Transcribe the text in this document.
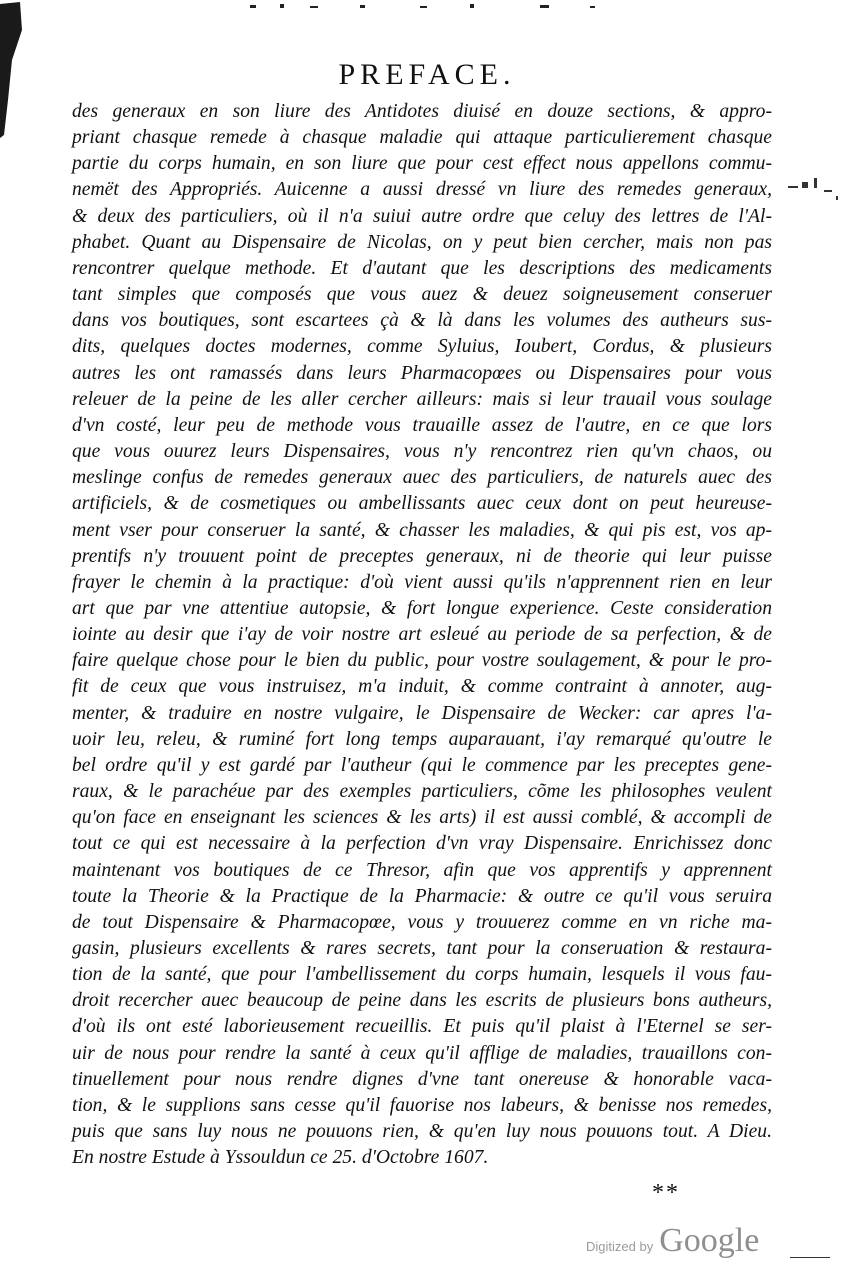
PREFACE.
des generaux en son liure des Antidotes diuisé en douze sections, & appro-
priant chasque remede à chasque maladie qui attaque particulierement chasque
partie du corps humain, en son liure que pour cest effect nous appellons commu-
nemët des Appropriés. Auicenne a aussi dressé vn liure des remedes generaux,
& deux des particuliers, où il n'a suiui autre ordre que celuy des lettres de l'Al-
phabet. Quant au Dispensaire de Nicolas, on y peut bien cercher, mais non pas
rencontrer quelque methode. Et d'autant que les descriptions des medicaments
tant simples que composés que vous auez & deuez soigneusement conseruer
dans vos boutiques, sont escartees çà & là dans les volumes des autheurs sus-
dits, quelques doctes modernes, comme Syluius, Ioubert, Cordus, & plusieurs
autres les ont ramassés dans leurs Pharmacopœes ou Dispensaires pour vous
releuer de la peine de les aller cercher ailleurs: mais si leur trauail vous soulage
d'vn costé, leur peu de methode vous trauaille assez de l'autre, en ce que lors
que vous ouurez leurs Dispensaires, vous n'y rencontrez rien qu'vn chaos, ou
meslinge confus de remedes generaux auec des particuliers, de naturels auec des
artificiels, & de cosmetiques ou ambellissants auec ceux dont on peut heureuse-
ment vser pour conseruer la santé, & chasser les maladies, & qui pis est, vos ap-
prentifs n'y trouuent point de preceptes generaux, ni de theorie qui leur puisse
frayer le chemin à la practique: d'où vient aussi qu'ils n'apprennent rien en leur
art que par vne attentiue autopsie, & fort longue experience. Ceste consideration
iointe au desir que i'ay de voir nostre art esleué au periode de sa perfection, & de
faire quelque chose pour le bien du public, pour vostre soulagement, & pour le pro-
fit de ceux que vous instruisez, m'a induit, & comme contraint à annoter, aug-
menter, & traduire en nostre vulgaire, le Dispensaire de Wecker: car apres l'a-
uoir leu, releu, & ruminé fort long temps auparauant, i'ay remarqué qu'outre le
bel ordre qu'il y est gardé par l'autheur (qui le commence par les preceptes gene-
raux, & le parachéue par des exemples particuliers, cõme les philosophes veulent
qu'on face en enseignant les sciences & les arts) il est aussi comblé, & accompli de
tout ce qui est necessaire à la perfection d'vn vray Dispensaire. Enrichissez donc
maintenant vos boutiques de ce Thresor, afin que vos apprentifs y apprennent
toute la Theorie & la Practique de la Pharmacie: & outre ce qu'il vous seruira
de tout Dispensaire & Pharmacopœe, vous y trouuerez comme en vn riche ma-
gasin, plusieurs excellents & rares secrets, tant pour la conseruation & restaura-
tion de la santé, que pour l'ambellissement du corps humain, lesquels il vous fau-
droit recercher auec beaucoup de peine dans les escrits de plusieurs bons autheurs,
d'où ils ont esté laborieusement recueillis. Et puis qu'il plaist à l'Eternel se ser-
uir de nous pour rendre la santé à ceux qu'il afflige de maladies, trauaillons con-
tinuellement pour nous rendre dignes d'vne tant onereuse & honorable vaca-
tion, & le supplions sans cesse qu'il fauorise nos labeurs, & benisse nos remedes,
puis que sans luy nous ne pouuons rien, & qu'en luy nous pouuons tout. A Dieu.
En nostre Estude à Yssouldun ce 25. d'Octobre 1607.
**
Digitized by Google
